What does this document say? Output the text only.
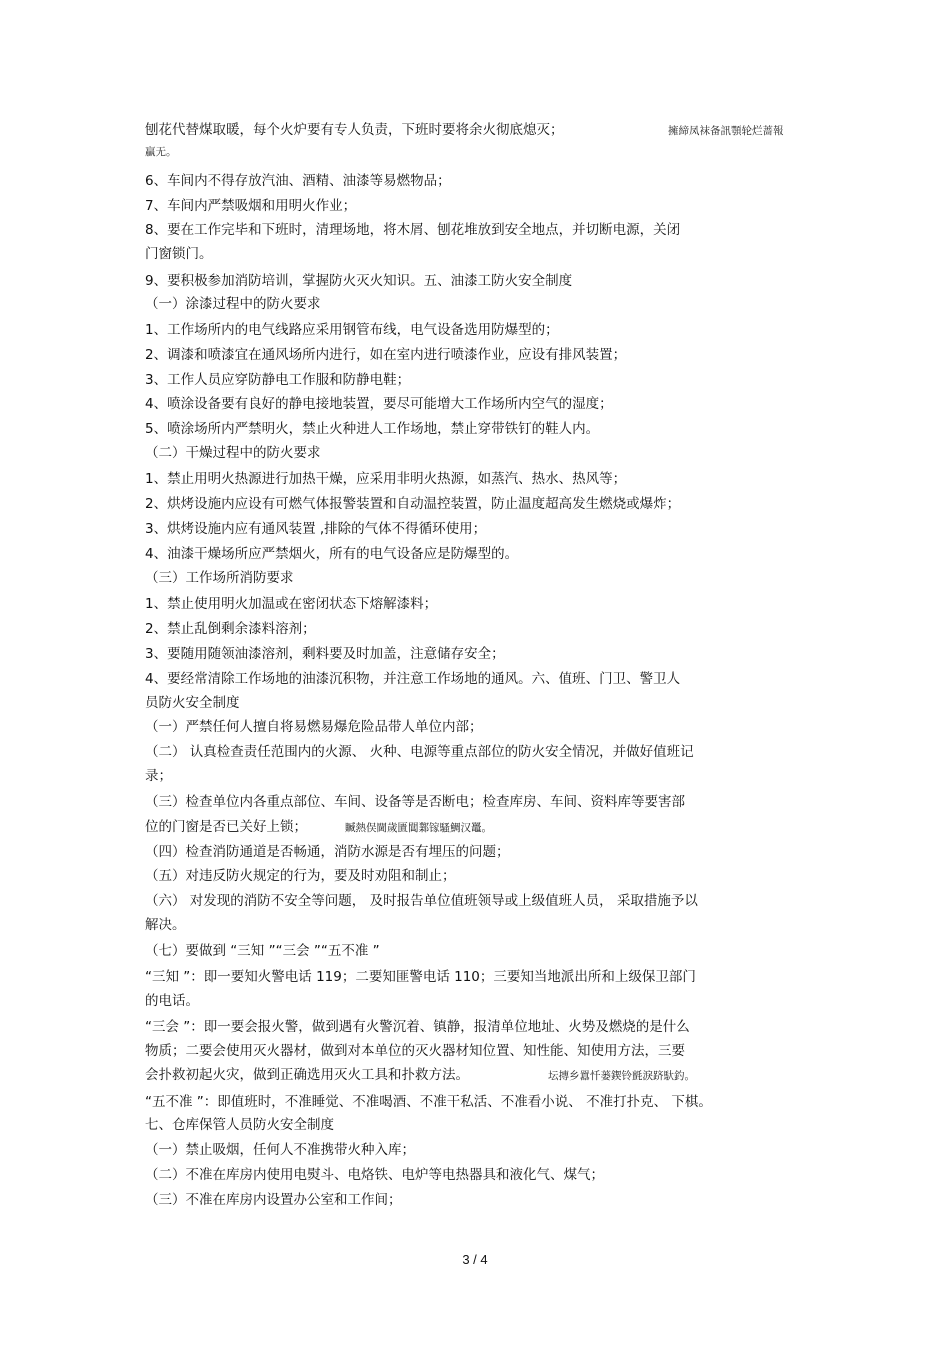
刨花代替煤取暖，每个火炉要有专人负责，下班时要将余火彻底熄灭；
6、车间内不得存放汽油、酒精、油漆等易燃物品；
7、车间内严禁吸烟和用明火作业；
8、要在工作完毕和下班时，清理场地，将木屑、刨花堆放到安全地点，并切断电源，关闭
门窗锁门。
9、要积极参加消防培训，掌握防火灭火知识。五、油漆工防火安全制度
（一）涂漆过程中的防火要求
1、工作场所内的电气线路应采用钢管布线，电气设备选用防爆型的；
2、调漆和喷漆宜在通风场所内进行，如在室内进行喷漆作业，应设有排风装置；
3、工作人员应穿防静电工作服和防静电鞋；
4、喷涂设备要有良好的静电接地装置，要尽可能增大工作场所内空气的湿度；
5、喷涂场所内严禁明火，禁止火种进人工作场地，禁止穿带铁钉的鞋人内。
（二）干燥过程中的防火要求
1、禁止用明火热源进行加热干燥，应采用非明火热源，如蒸汽、热水、热风等；
2、烘烤设施内应设有可燃气体报警装置和自动温控装置，防止温度超高发生燃烧或爆炸；
3、烘烤设施内应有通风装置 ,排除的气体不得循环使用；
4、油漆干燥场所应严禁烟火，所有的电气设备应是防爆型的。
（三）工作场所消防要求
1、禁止使用明火加温或在密闭状态下熔解漆料；
2、禁止乱倒剩余漆料溶剂；
3、要随用随领油漆溶剂，剩料要及时加盖，注意储存安全；
4、要经常清除工作场地的油漆沉积物，并注意工作场地的通风。六、值班、门卫、警卫人
员防火安全制度
（一）严禁任何人擅自将易燃易爆危险品带人单位内部；
（二） 认真检查责任范围内的火源、 火种、电源等重点部位的防火安全情况，并做好值班记
录；
（三）检查单位内各重点部位、车间、设备等是否断电；检查库房、车间、资料库等要害部
位的门窗是否已关好上锁；
（四）检查消防通道是否畅通，消防水源是否有埋压的问题；
（五）对违反防火规定的行为，要及时劝阻和制止；
（六） 对发现的消防不安全等问题， 及时报告单位值班领导或上级值班人员， 采取措施予以
解决。
（七）要做到 “三知 ”“三会 ”“五不准 ”
“三知 ”：即一要知火警电话 119；二要知匪警电话 110；三要知当地派出所和上级保卫部门
的电话。
“三会 ”：即一要会报火警，做到遇有火警沉着、镇静，报清单位地址、火势及燃烧的是什么
物质；二要会使用灭火器材，做到对本单位的灭火器材知位置、知性能、知使用方法，三要
会扑救初起火灾，做到正确选用灭火工具和扑救方法。
“五不准 ”：即值班时，不准睡觉、不准喝酒、不准干私活、不准看小说、 不准打扑克、 下棋。
七、仓库保管人员防火安全制度
（一）禁止吸烟，任何人不准携带火种入库；
（二）不准在库房内使用电熨斗、电烙铁、电炉等电热器具和液化气、煤气；
（三）不准在库房内设置办公室和工作间；
擁締凤袜备訊顎轮烂蔷報
贏无。
贓熱俣閫歲匱閶鄴镓騷鯛汉鼉。
坛摶乡囂忏蒌鍥铃氈淚跻馱釣。
3 / 4
